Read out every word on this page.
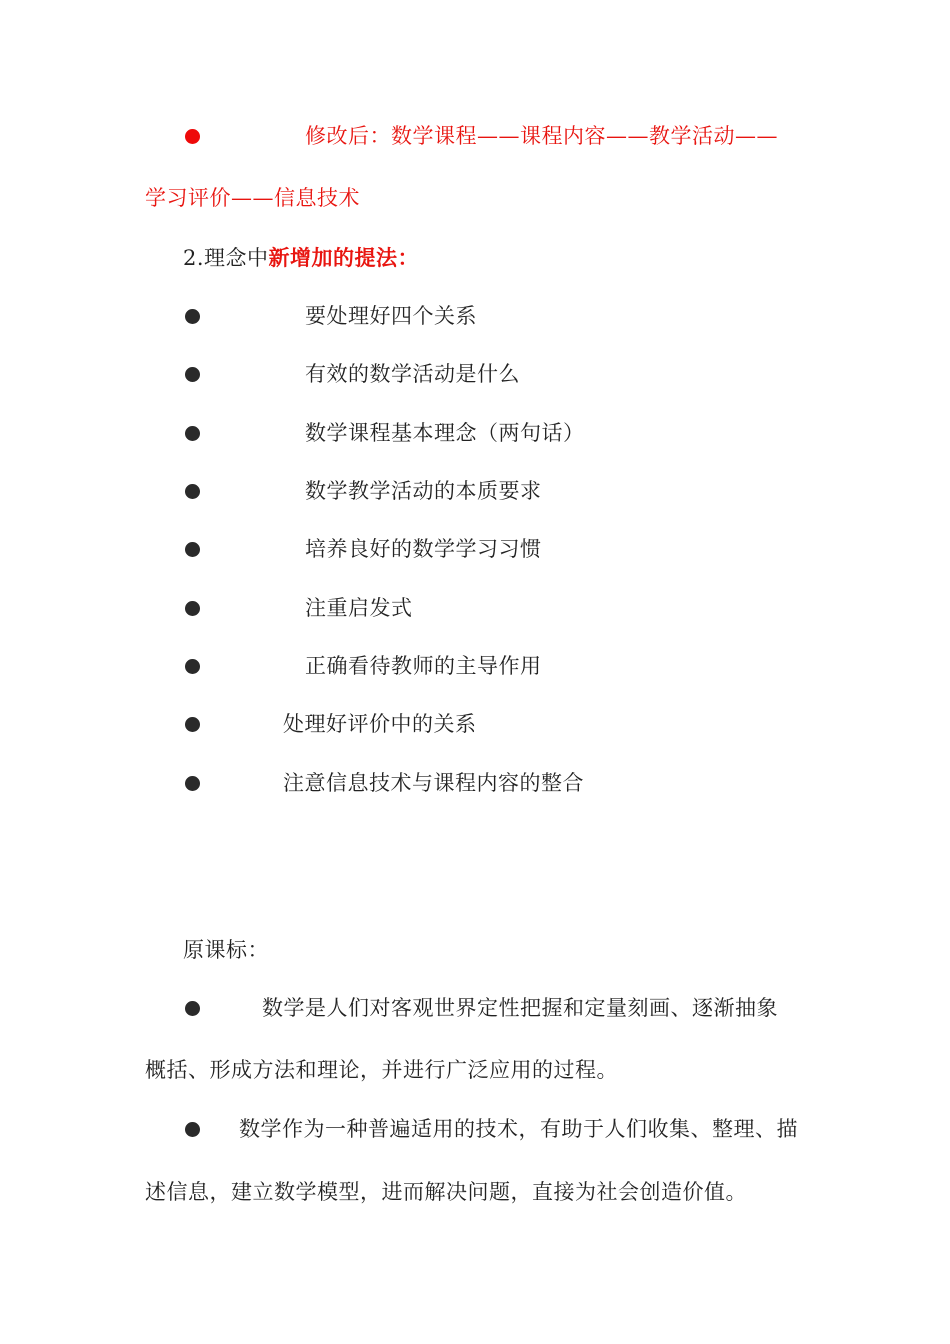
修改后：数学课程——课程内容——教学活动——
学习评价——信息技术
2.理念中新增加的提法：
要处理好四个关系
有效的数学活动是什么
数学课程基本理念（两句话）
数学教学活动的本质要求
培养良好的数学学习习惯
注重启发式
正确看待教师的主导作用
处理好评价中的关系
注意信息技术与课程内容的整合
原课标：
数学是人们对客观世界定性把握和定量刻画、逐渐抽象
概括、形成方法和理论，并进行广泛应用的过程。
数学作为一种普遍适用的技术，有助于人们收集、整理、描
述信息，建立数学模型，进而解决问题，直接为社会创造价值。
